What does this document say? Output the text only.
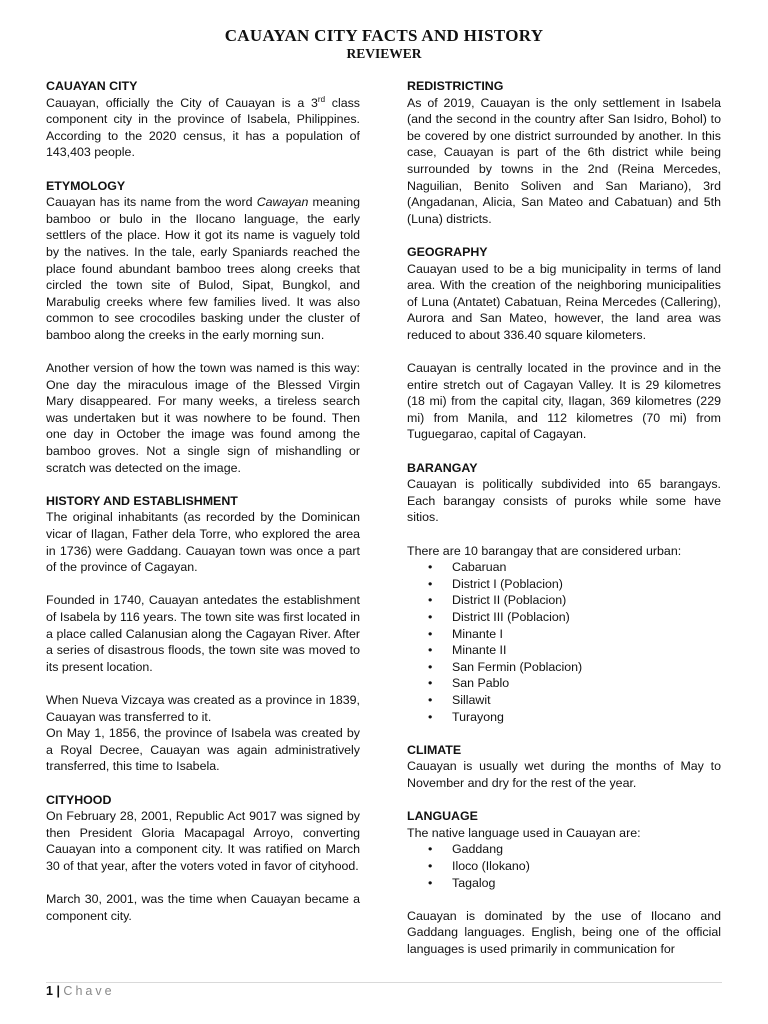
CAUAYAN CITY FACTS AND HISTORY

REVIEWER

CAUAYAN CITY

Cauayan, officially the City of Cauayan is a 3rd class component city in the province of Isabela, Philippines. According to the 2020 census, it has a population of 143,403 people.

ETYMOLOGY

Cauayan has its name from the word Cawayan meaning bamboo or bulo in the Ilocano language, the early settlers of the place. How it got its name is vaguely told by the natives. In the tale, early Spaniards reached the place found abundant bamboo trees along creeks that circled the town site of Bulod, Sipat, Bungkol, and Marabulig creeks where few families lived. It was also common to see crocodiles basking under the cluster of bamboo along the creeks in the early morning sun.

Another version of how the town was named is this way: One day the miraculous image of the Blessed Virgin Mary disappeared. For many weeks, a tireless search was undertaken but it was nowhere to be found. Then one day in October the image was found among the bamboo groves. Not a single sign of mishandling or scratch was detected on the image.

HISTORY AND ESTABLISHMENT

The original inhabitants (as recorded by the Dominican vicar of Ilagan, Father dela Torre, who explored the area in 1736) were Gaddang. Cauayan town was once a part of the province of Cagayan.

Founded in 1740, Cauayan antedates the establishment of Isabela by 116 years. The town site was first located in a place called Calanusian along the Cagayan River. After a series of disastrous floods, the town site was moved to its present location.

When Nueva Vizcaya was created as a province in 1839, Cauayan was transferred to it.

On May 1, 1856, the province of Isabela was created by a Royal Decree, Cauayan was again administratively transferred, this time to Isabela.

CITYHOOD

On February 28, 2001, Republic Act 9017 was signed by then President Gloria Macapagal Arroyo, converting Cauayan into a component city. It was ratified on March 30 of that year, after the voters voted in favor of cityhood.

March 30, 2001, was the time when Cauayan became a component city.

REDISTRICTING

As of 2019, Cauayan is the only settlement in Isabela (and the second in the country after San Isidro, Bohol) to be covered by one district surrounded by another. In this case, Cauayan is part of the 6th district while being surrounded by towns in the 2nd (Reina Mercedes, Naguilian, Benito Soliven and San Mariano), 3rd (Angadanan, Alicia, San Mateo and Cabatuan) and 5th (Luna) districts.

GEOGRAPHY

Cauayan used to be a big municipality in terms of land area. With the creation of the neighboring municipalities of Luna (Antatet) Cabatuan, Reina Mercedes (Callering), Aurora and San Mateo, however, the land area was reduced to about 336.40 square kilometers.

Cauayan is centrally located in the province and in the entire stretch out of Cagayan Valley. It is 29 kilometres (18 mi) from the capital city, Ilagan, 369 kilometres (229 mi) from Manila, and 112 kilometres (70 mi) from Tuguegarao, capital of Cagayan.

BARANGAY

Cauayan is politically subdivided into 65 barangays. Each barangay consists of puroks while some have sitios.

There are 10 barangay that are considered urban:

• Cabaruan
• District I (Poblacion)
• District II (Poblacion)
• District III (Poblacion)
• Minante I
• Minante II
• San Fermin (Poblacion)
• San Pablo
• Sillawit
• Turayong

CLIMATE

Cauayan is usually wet during the months of May to November and dry for the rest of the year.

LANGUAGE

The native language used in Cauayan are:

• Gaddang
• Iloco (Ilokano)
• Tagalog

Cauayan is dominated by the use of Ilocano and Gaddang languages. English, being one of the official languages is used primarily in communication for

1 | Chave
